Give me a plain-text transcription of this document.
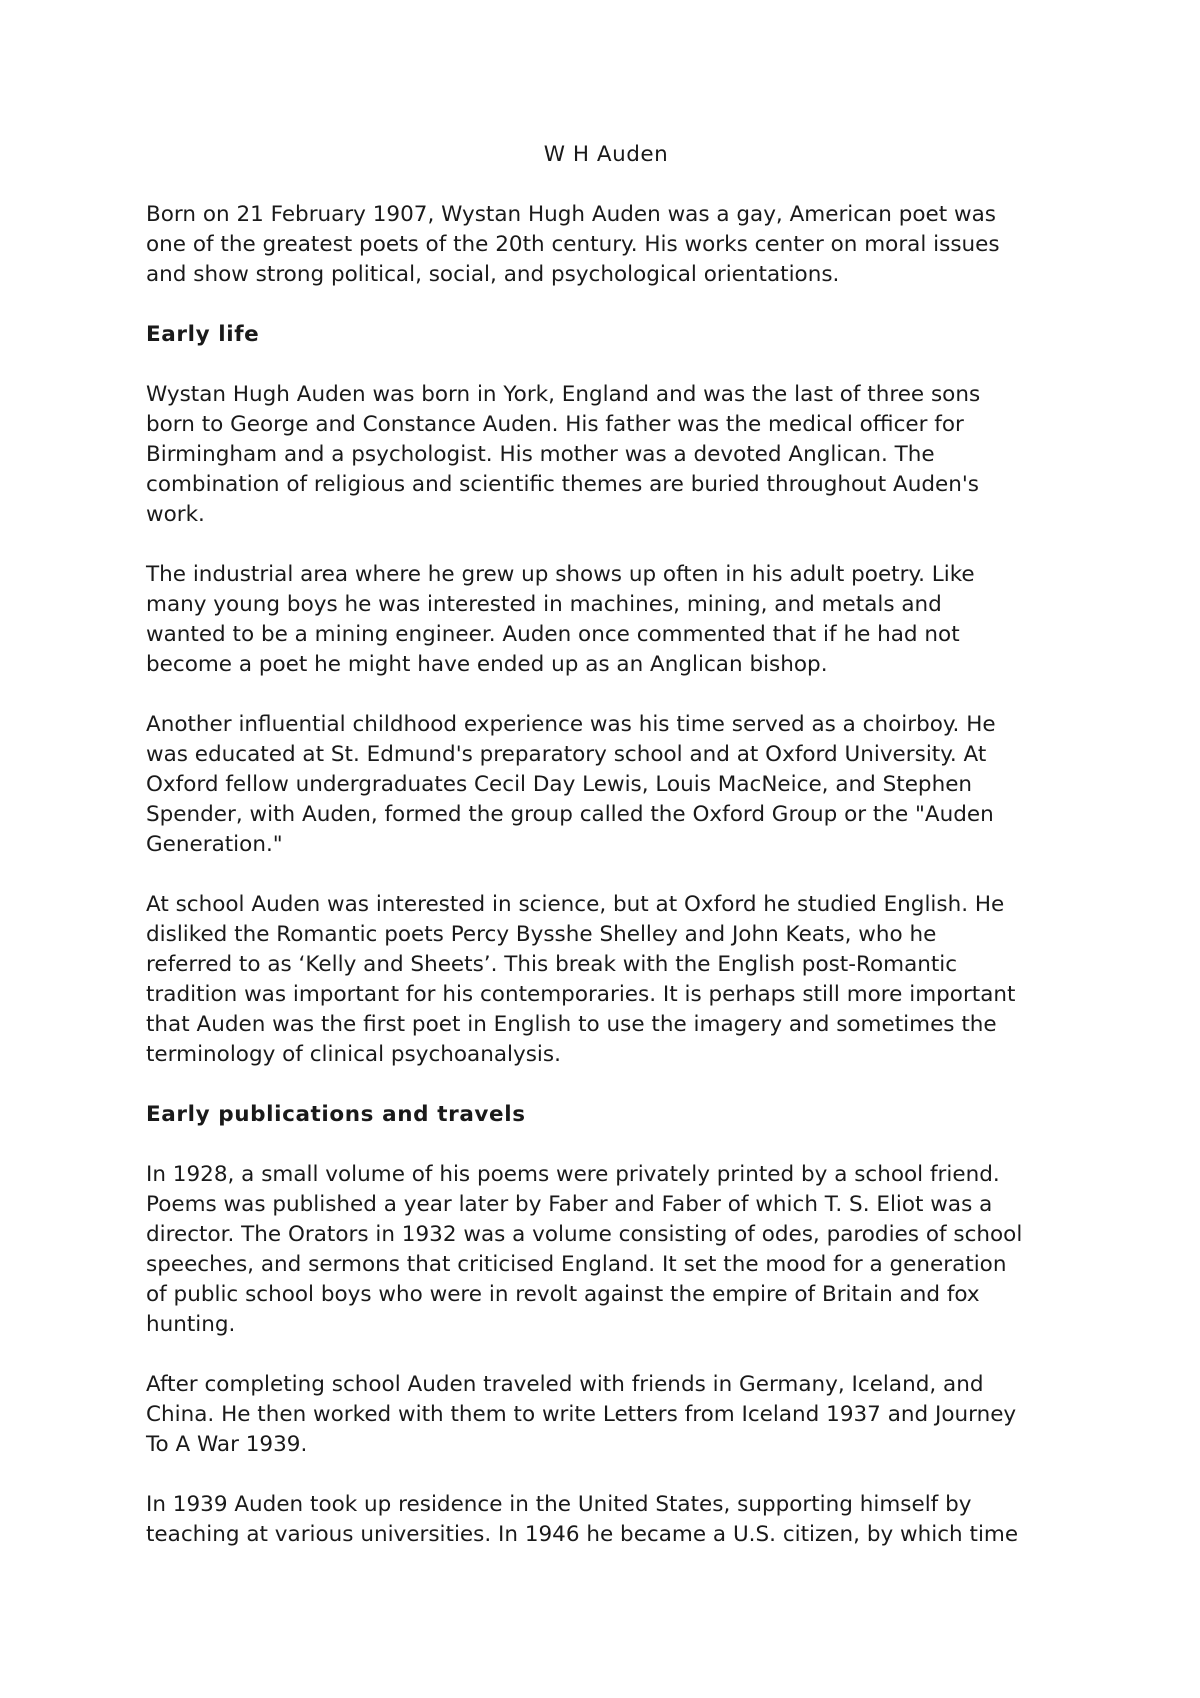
W H Auden
Born on 21 February 1907, Wystan Hugh Auden was a gay, American poet was
one of the greatest poets of the 20th century. His works center on moral issues
and show strong political, social, and psychological orientations.
Early life
Wystan Hugh Auden was born in York, England and was the last of three sons
born to George and Constance Auden. His father was the medical officer for
Birmingham and a psychologist. His mother was a devoted Anglican. The
combination of religious and scientific themes are buried throughout Auden's
work.
The industrial area where he grew up shows up often in his adult poetry. Like
many young boys he was interested in machines, mining, and metals and
wanted to be a mining engineer. Auden once commented that if he had not
become a poet he might have ended up as an Anglican bishop.
Another influential childhood experience was his time served as a choirboy. He
was educated at St. Edmund's preparatory school and at Oxford University. At
Oxford fellow undergraduates Cecil Day Lewis, Louis MacNeice, and Stephen
Spender, with Auden, formed the group called the Oxford Group or the "Auden
Generation."
At school Auden was interested in science, but at Oxford he studied English. He
disliked the Romantic poets Percy Bysshe Shelley and John Keats, who he
referred to as ‘Kelly and Sheets’. This break with the English post-Romantic
tradition was important for his contemporaries. It is perhaps still more important
that Auden was the first poet in English to use the imagery and sometimes the
terminology of clinical psychoanalysis.
Early publications and travels
In 1928, a small volume of his poems were privately printed by a school friend.
Poems was published a year later by Faber and Faber of which T. S. Eliot was a
director. The Orators in 1932 was a volume consisting of odes, parodies of school
speeches, and sermons that criticised England. It set the mood for a generation
of public school boys who were in revolt against the empire of Britain and fox
hunting.
After completing school Auden traveled with friends in Germany, Iceland, and
China. He then worked with them to write Letters from Iceland 1937 and Journey
To A War 1939.
In 1939 Auden took up residence in the United States, supporting himself by
teaching at various universities. In 1946 he became a U.S. citizen, by which time
